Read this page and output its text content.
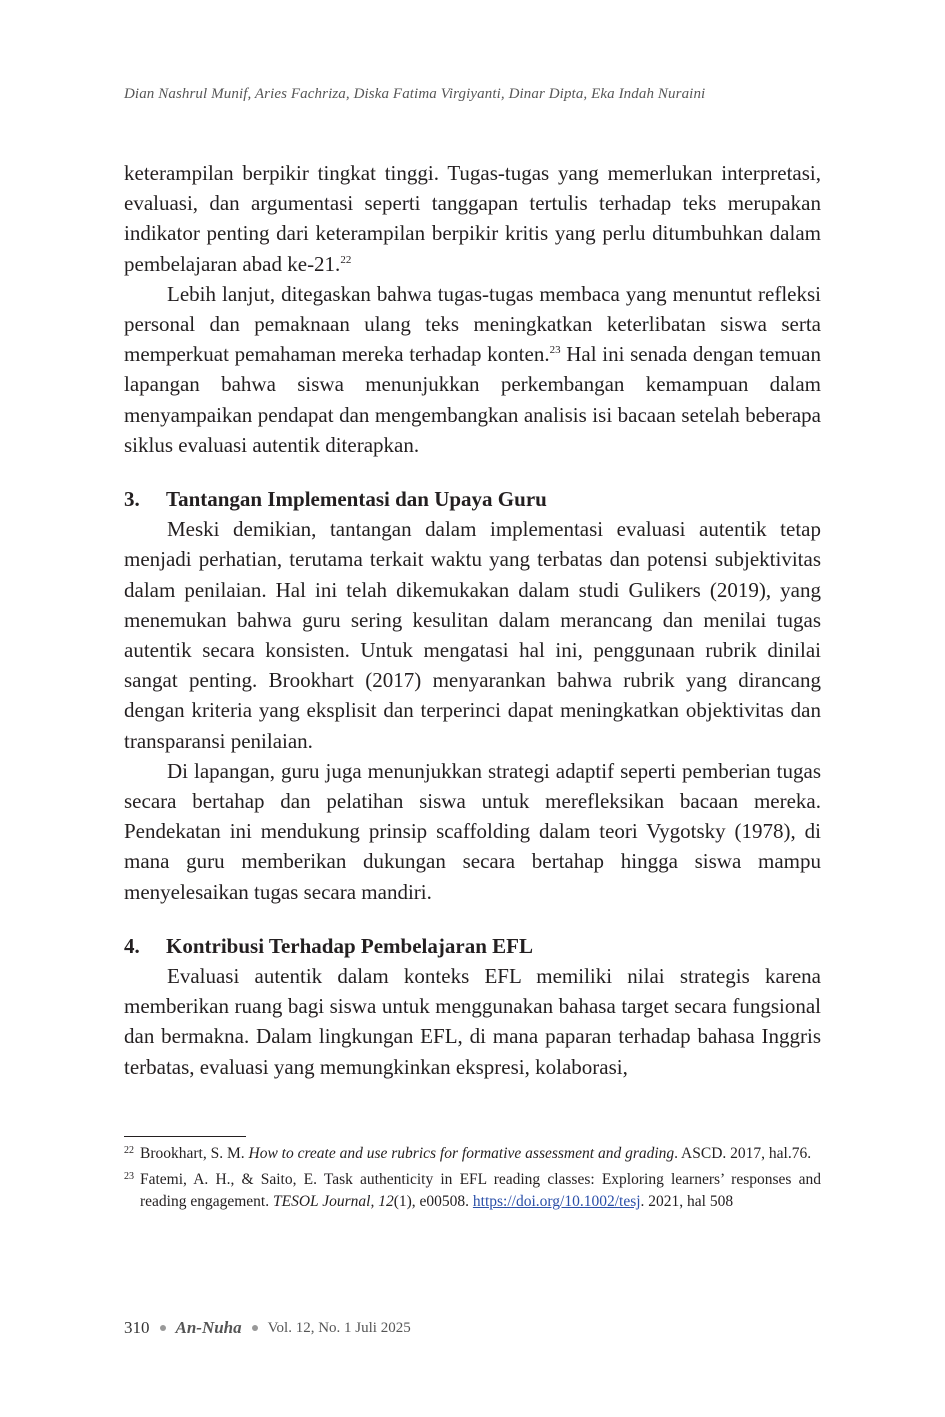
Dian Nashrul Munif, Aries Fachriza, Diska Fatima Virgiyanti, Dinar Dipta, Eka Indah Nuraini

keterampilan berpikir tingkat tinggi. Tugas-tugas yang memerlukan interpretasi, evaluasi, dan argumentasi seperti tanggapan tertulis terhadap teks merupakan indikator penting dari keterampilan berpikir kritis yang perlu ditumbuhkan dalam pembelajaran abad ke-21.22

Lebih lanjut, ditegaskan bahwa tugas-tugas membaca yang menuntut refleksi personal dan pemaknaan ulang teks meningkatkan keterlibatan siswa serta memperkuat pemahaman mereka terhadap konten.$^{23}$ Hal ini senada dengan temuan lapangan bahwa siswa menunjukkan perkembangan kemampuan dalam menyampaikan pendapat dan mengembangkan analisis isi bacaan setelah beberapa siklus evaluasi autentik diterapkan.

3.	Tantangan Implementasi dan Upaya Guru

Meski demikian, tantangan dalam implementasi evaluasi autentik tetap menjadi perhatian, terutama terkait waktu yang terbatas dan potensi subjektivitas dalam penilaian. Hal ini telah dikemukakan dalam studi Gulikers (2019), yang menemukan bahwa guru sering kesulitan dalam merancang dan menilai tugas autentik secara konsisten. Untuk mengatasi hal ini, penggunaan rubrik dinilai sangat penting. Brookhart (2017) menyarankan bahwa rubrik yang dirancang dengan kriteria yang eksplisit dan terperinci dapat meningkatkan objektivitas dan transparansi penilaian.

Di lapangan, guru juga menunjukkan strategi adaptif seperti pemberian tugas secara bertahap dan pelatihan siswa untuk merefleksikan bacaan mereka. Pendekatan ini mendukung prinsip scaffolding dalam teori Vygotsky (1978), di mana guru memberikan dukungan secara bertahap hingga siswa mampu menyelesaikan tugas secara mandiri.

4.	Kontribusi Terhadap Pembelajaran EFL

Evaluasi autentik dalam konteks EFL memiliki nilai strategis karena memberikan ruang bagi siswa untuk menggunakan bahasa target secara fungsional dan bermakna. Dalam lingkungan EFL, di mana paparan terhadap bahasa Inggris terbatas, evaluasi yang memungkinkan ekspresi, kolaborasi,

22 Brookhart, S. M. How to create and use rubrics for formative assessment and grading. ASCD. 2017, hal.76.
23 Fatemi, A. H., & Saito, E. Task authenticity in EFL reading classes: Exploring learners’ responses and reading engagement. TESOL Journal, 12(1), e00508. https://doi.org/10.1002/tesj. 2021, hal 508
310 An-Nuha Vol. 12, No. 1 Juli 2025
